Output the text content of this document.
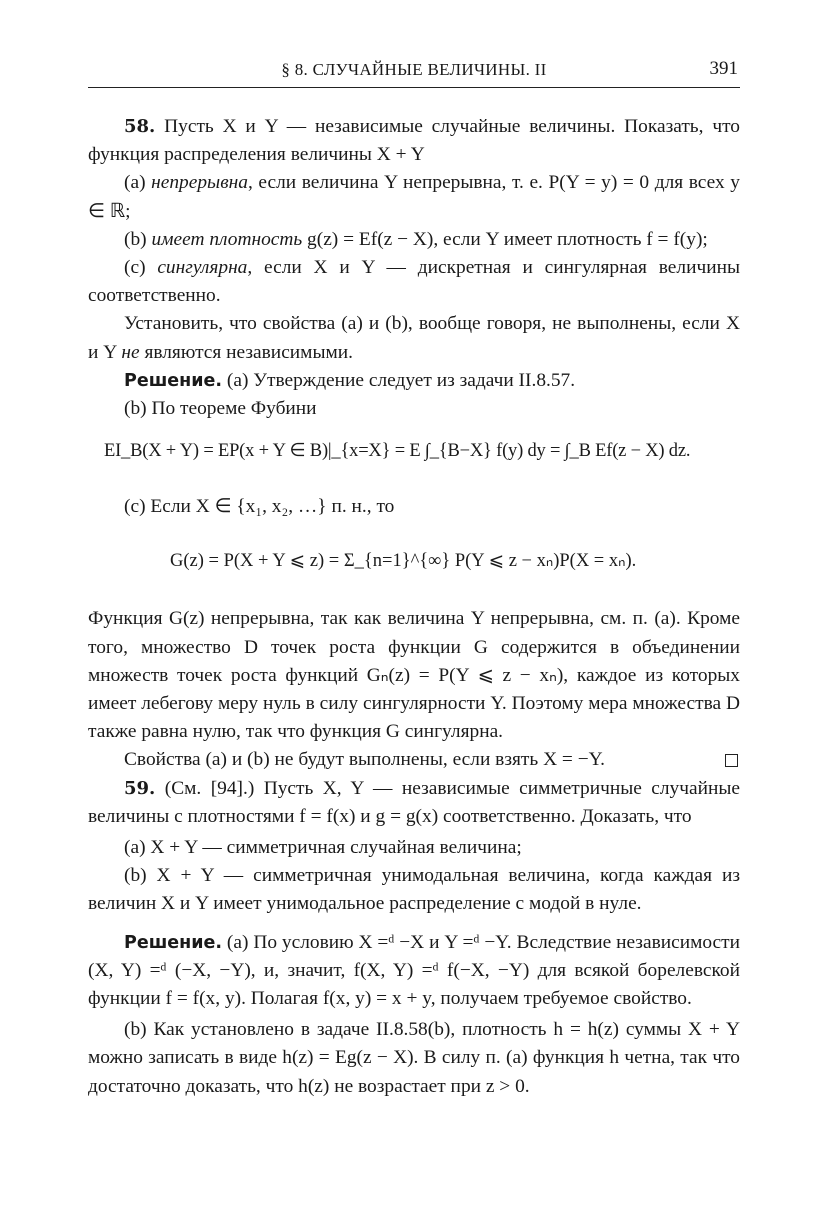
§ 8. СЛУЧАЙНЫЕ ВЕЛИЧИНЫ. II	391

58. Пусть X и Y — независимые случайные величины. Показать, что функция распределения величины X + Y

(a) непрерывна, если величина Y непрерывна, т. е. P(Y = y) = 0 для всех y ∈ ℝ;

(b) имеет плотность g(z) = Ef(z − X), если Y имеет плотность f = f(y);

(c) сингулярна, если X и Y — дискретная и сингулярная величины соответственно.

Установить, что свойства (a) и (b), вообще говоря, не выполнены, если X и Y не являются независимыми.

Решение. (a) Утверждение следует из задачи II.8.57.

(b) По теореме Фубини

EI_B(X + Y) = EP(x + Y ∈ B)|_{x=X} = E ∫_{B−X} f(y) dy = ∫_B Ef(z − X) dz.

(c) Если X ∈ {x₁, x₂, …} п. н., то

G(z) = P(X + Y ⩽ z) = Σ_{n=1}^{∞} P(Y ⩽ z − xₙ)P(X = xₙ).

Функция G(z) непрерывна, так как величина Y непрерывна, см. п. (a). Кроме того, множество D точек роста функции G содержится в объединении множеств точек роста функций Gₙ(z) = P(Y ⩽ z − xₙ), каждое из которых имеет лебегову меру нуль в силу сингулярности Y. Поэтому мера множества D также равна нулю, так что функция G сингулярна.

Свойства (a) и (b) не будут выполнены, если взять X = −Y.

59. (См. [94].) Пусть X, Y — независимые симметричные случайные величины с плотностями f = f(x) и g = g(x) соответственно. Доказать, что

(a) X + Y — симметричная случайная величина;

(b) X + Y — симметричная унимодальная величина, когда каждая из величин X и Y имеет унимодальное распределение с модой в нуле.

Решение. (a) По условию X =ᵈ −X и Y =ᵈ −Y. Вследствие независимости (X, Y) =ᵈ (−X, −Y), и, значит, f(X, Y) =ᵈ f(−X, −Y) для всякой борелевской функции f = f(x, y). Полагая f(x, y) = x + y, получаем требуемое свойство.

(b) Как установлено в задаче II.8.58(b), плотность h = h(z) суммы X + Y можно записать в виде h(z) = Eg(z − X). В силу п. (a) функция h четна, так что достаточно доказать, что h(z) не возрастает при z > 0.
